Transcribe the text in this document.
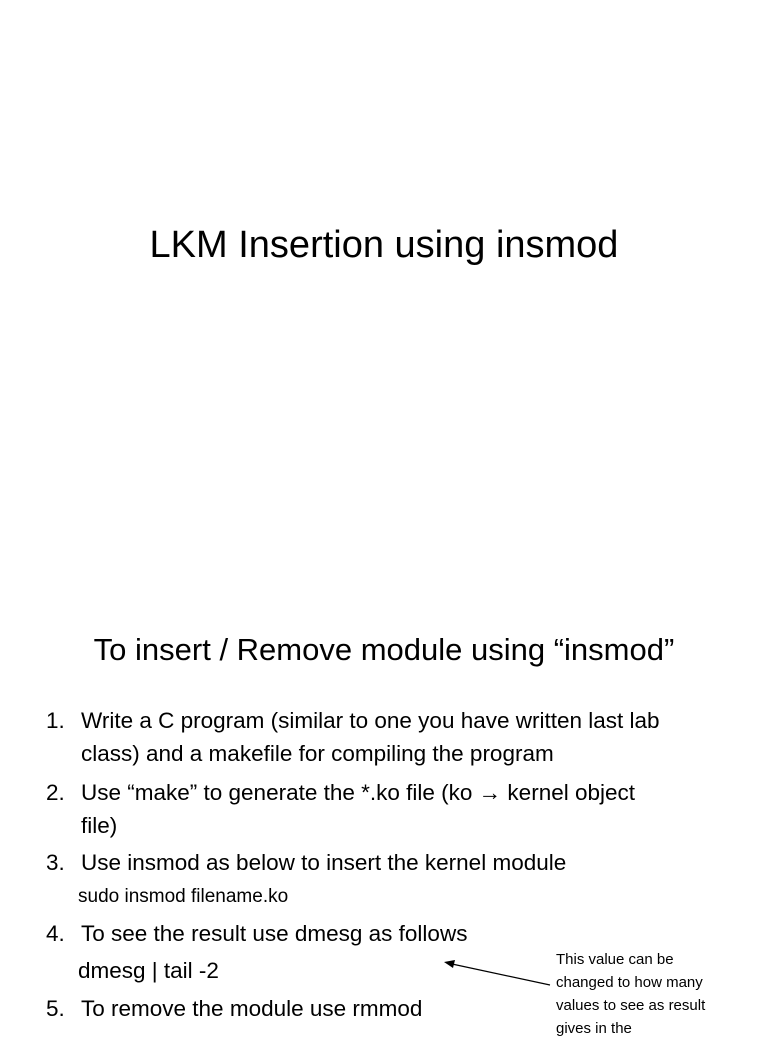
LKM Insertion using insmod
To insert / Remove module using “insmod”
1. Write a C program (similar to one you have written last lab
class) and a makefile for compiling the program
2. Use “make” to generate the *.ko file (ko → kernel object
file)
3. Use insmod as below to insert the kernel module
sudo insmod filename.ko
4. To see the result use dmesg as follows
dmesg | tail -2
5. To remove the module use rmmod
This value can be
changed to how many
values to see as result
gives in the
